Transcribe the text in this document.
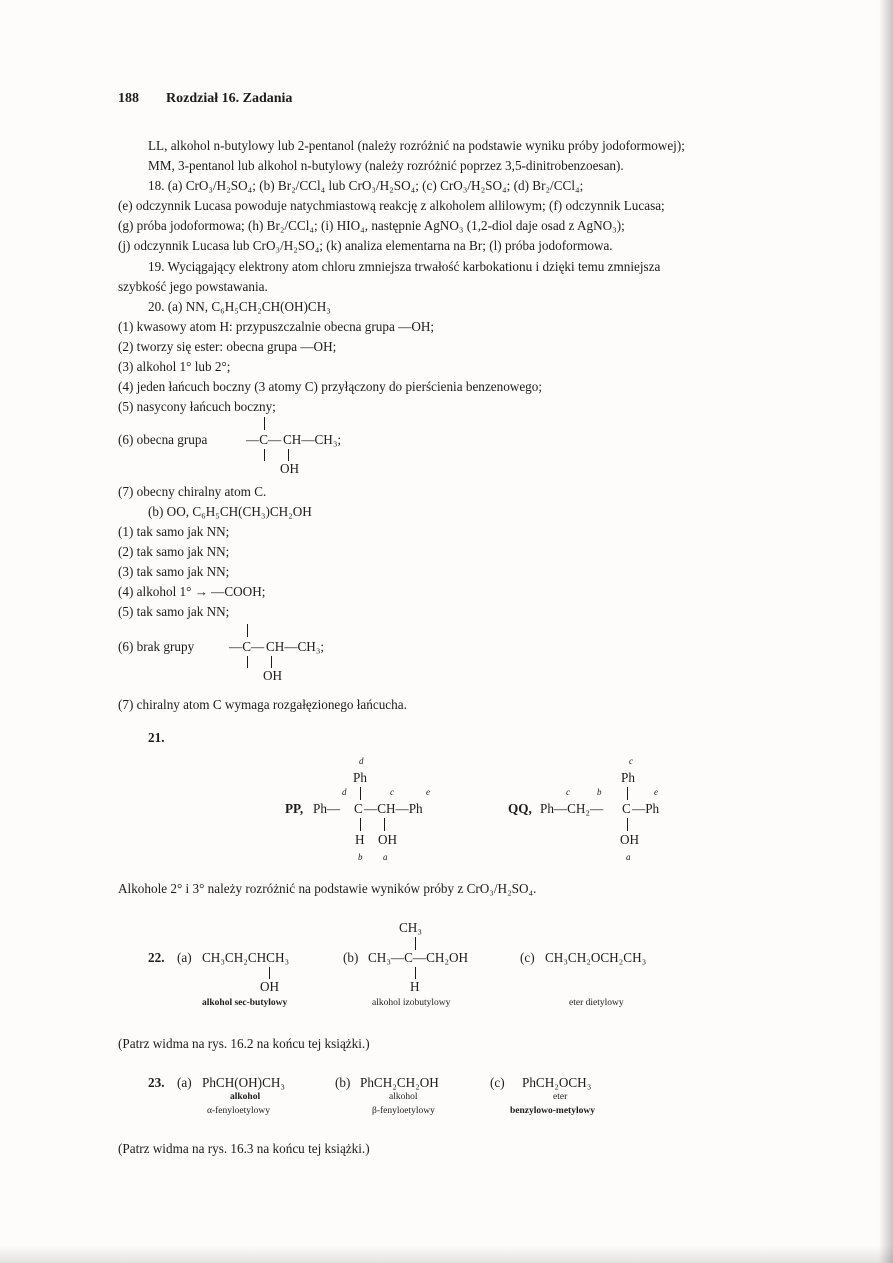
188 Rozdział 16. Zadania
LL, alkohol n-butylowy lub 2-pentanol (należy rozróżnić na podstawie wyniku próby jodoformowej);
MM, 3-pentanol lub alkohol n-butylowy (należy rozróżnić poprzez 3,5-dinitrobenzoesan).
18. (a) CrO₃/H₂SO₄; (b) Br₂/CCl₄ lub CrO₃/H₂SO₄; (c) CrO₃/H₂SO₄; (d) Br₂/CCl₄;
(e) odczynnik Lucasa powoduje natychmiastową reakcję z alkoholem allilowym; (f) odczynnik Lucasa;
(g) próba jodoformowa; (h) Br₂/CCl₄; (i) HIO₄, następnie AgNO₃ (1,2-diol daje osad z AgNO₃);
(j) odczynnik Lucasa lub CrO₃/H₂SO₄; (k) analiza elementarna na Br; (l) próba jodoformowa.
19. Wyciągający elektrony atom chloru zmniejsza trwałość karbokationu i dzięki temu zmniejsza
szybkość jego powstawania.
20. (a) NN, C₆H₅CH₂CH(OH)CH₃
(1) kwasowy atom H: przypuszczalnie obecna grupa —OH;
(2) tworzy się ester: obecna grupa —OH;
(3) alkohol 1° lub 2°;
(4) jeden łańcuch boczny (3 atomy C) przyłączony do pierścienia benzenowego;
(5) nasycony łańcuch boczny;
(6) obecna grupa	—C— CH—CH₃;
OH
(7) obecny chiralny atom C.
(b) OO, C₆H₅CH(CH₃)CH₂OH
(1) tak samo jak NN;
(2) tak samo jak NN;
(3) tak samo jak NN;
(4) alkohol 1° → —COOH;
(5) tak samo jak NN;
(6) brak grupy	—C— CH—CH₃;
OH
(7) chiralny atom C wymaga rozgałęzionego łańcucha.
21.
d
Ph
d	c	e
PP, Ph— C —CH—Ph
H OH
b a
c
Ph
c	b	e
QQ, Ph—CH₂— C —Ph
OH
a
Alkohole 2° i 3° należy rozróżnić na podstawie wyników próby z CrO₃/H₂SO₄.
CH₃
22. (a) CH₃CH₂CHCH₃
OH
alkohol sec-butylowy
(b) CH₃—C—CH₂OH
H
alkohol izobutylowy
(c) CH₃CH₂OCH₂CH₃
eter dietylowy
(Patrz widma na rys. 16.2 na końcu tej książki.)
23. (a) PhCH(OH)CH₃
alkohol
α-fenyloetylowy
(b) PhCH₂CH₂OH
alkohol
β-fenyloetylowy
(c) PhCH₂OCH₃
eter
benzylowo-metylowy
(Patrz widma na rys. 16.3 na końcu tej książki.)
